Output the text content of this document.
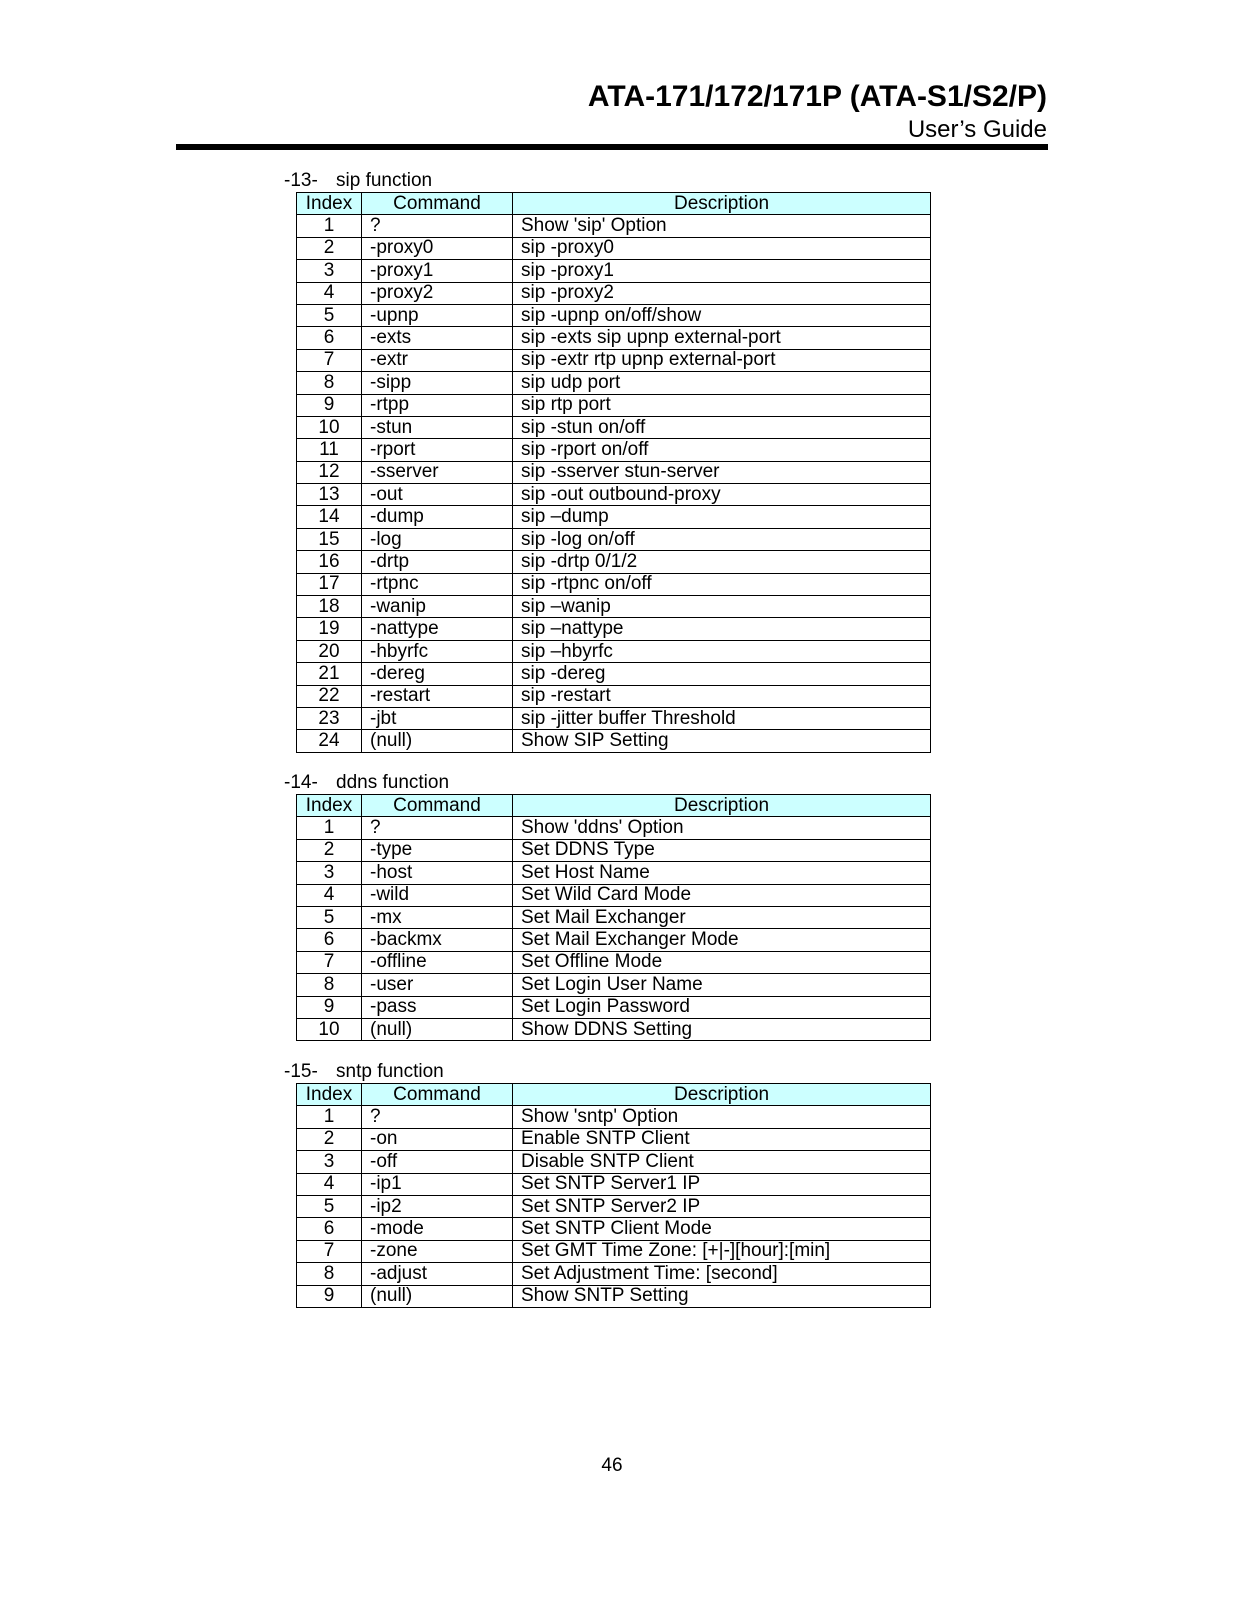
ATA-171/172/171P (ATA-S1/S2/P)
User’s Guide
-13- sip function
Index	Command	Description
1	?	Show 'sip' Option
2	-proxy0	sip -proxy0
3	-proxy1	sip -proxy1
4	-proxy2	sip -proxy2
5	-upnp	sip -upnp on/off/show
6	-exts	sip -exts sip upnp external-port
7	-extr	sip -extr rtp upnp external-port
8	-sipp	sip udp port
9	-rtpp	sip rtp port
10	-stun	sip -stun on/off
11	-rport	sip -rport on/off
12	-sserver	sip -sserver stun-server
13	-out	sip -out outbound-proxy
14	-dump	sip –dump
15	-log	sip -log on/off
16	-drtp	sip -drtp 0/1/2
17	-rtpnc	sip -rtpnc on/off
18	-wanip	sip –wanip
19	-nattype	sip –nattype
20	-hbyrfc	sip –hbyrfc
21	-dereg	sip -dereg
22	-restart	sip -restart
23	-jbt	sip -jitter buffer Threshold
24	(null)	Show SIP Setting
-14- ddns function
Index	Command	Description
1	?	Show 'ddns' Option
2	-type	Set DDNS Type
3	-host	Set Host Name
4	-wild	Set Wild Card Mode
5	-mx	Set Mail Exchanger
6	-backmx	Set Mail Exchanger Mode
7	-offline	Set Offline Mode
8	-user	Set Login User Name
9	-pass	Set Login Password
10	(null)	Show DDNS Setting
-15- sntp function
Index	Command	Description
1	?	Show 'sntp' Option
2	-on	Enable SNTP Client
3	-off	Disable SNTP Client
4	-ip1	Set SNTP Server1 IP
5	-ip2	Set SNTP Server2 IP
6	-mode	Set SNTP Client Mode
7	-zone	Set GMT Time Zone: [+|-][hour]:[min]
8	-adjust	Set Adjustment Time: [second]
9	(null)	Show SNTP Setting
46
